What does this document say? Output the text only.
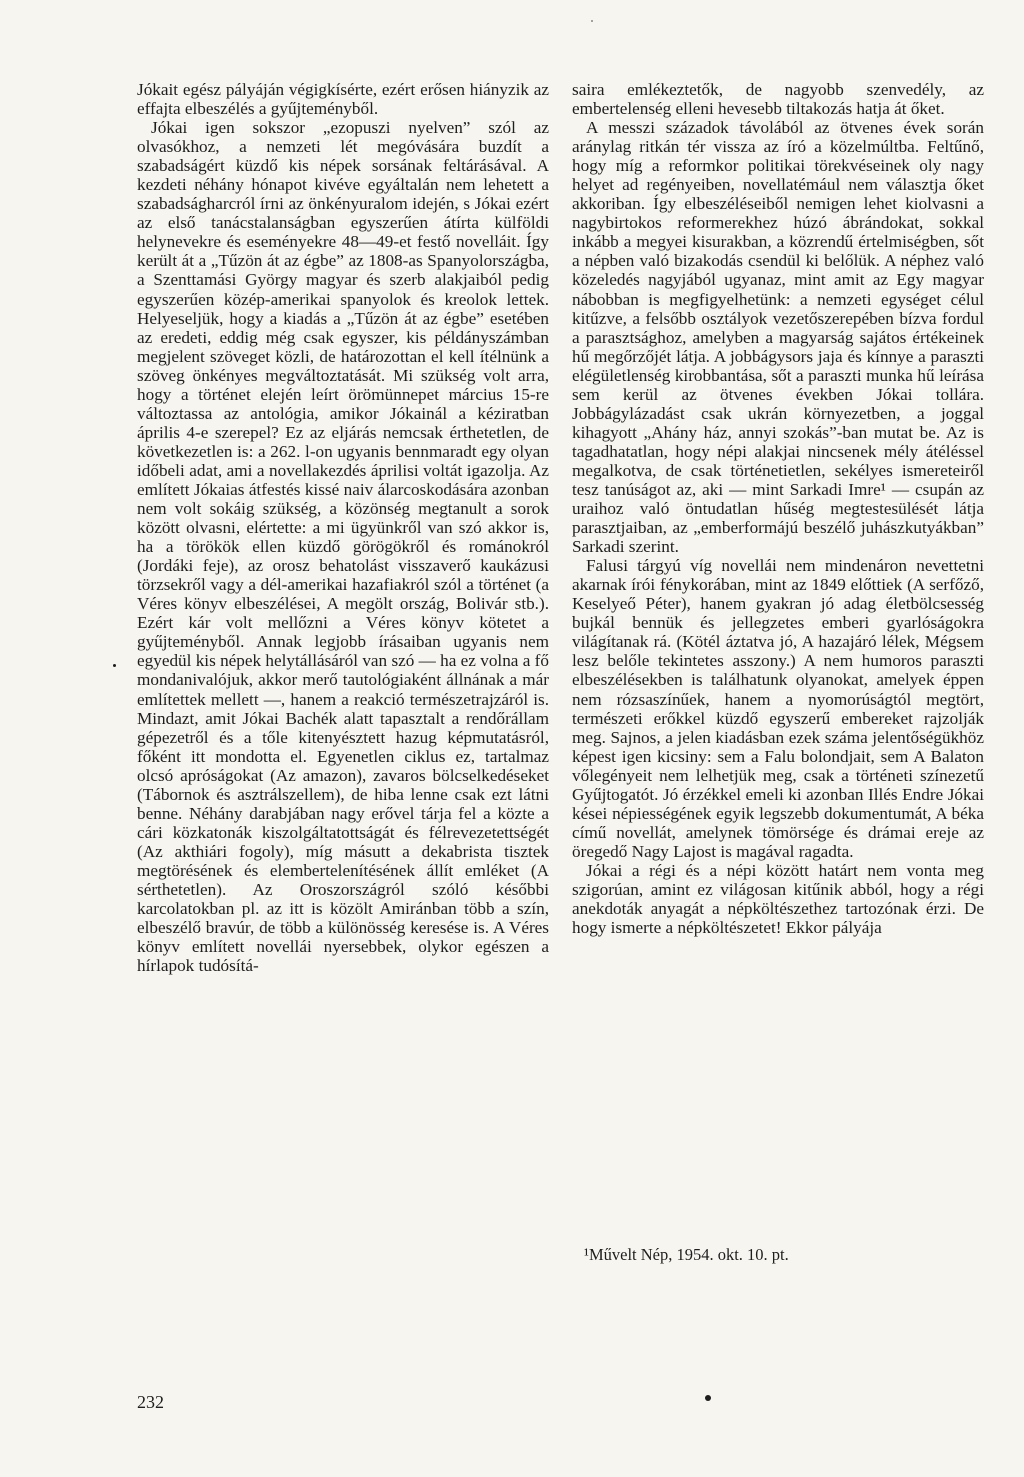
Jókait egész pályáján végigkísérte, ezért erősen hiányzik az effajta elbeszélés a gyűjteményből.

Jókai igen sokszor „ezopuszi nyelven” szól az olvasókhoz, a nemzeti lét megóvására buzdít a szabadságért küzdő kis népek sorsának feltárásával. A kezdeti néhány hónapot kivéve egyáltalán nem lehetett a szabadságharcról írni az önkényuralom idején, s Jókai ezért az első tanácstalanságban egyszerűen átírta külföldi helynevekre és eseményekre 48—49-et festő novelláit. Így került át a „Tűzön át az égbe” az 1808-as Spanyolországba, a Szenttamási György magyar és szerb alakjaiból pedig egyszerűen közép-amerikai spanyolok és kreolok lettek. Helyeseljük, hogy a kiadás a „Tűzön át az égbe” esetében az eredeti, eddig még csak egyszer, kis példányszámban megjelent szöveget közli, de határozottan el kell ítélnünk a szöveg önkényes megváltoztatását. Mi szükség volt arra, hogy a történet elején leírt örömünnepet március 15-re változtassa az antológia, amikor Jókainál a kéziratban április 4-e szerepel? Ez az eljárás nemcsak érthetetlen, de következetlen is: a 262. l-on ugyanis bennmaradt egy olyan időbeli adat, ami a novellakezdés áprilisi voltát igazolja. Az említett Jókaias átfestés kissé naiv álarcoskodására azonban nem volt sokáig szükség, a közönség megtanult a sorok között olvasni, elértette: a mi ügyünkről van szó akkor is, ha a törökök ellen küzdő görögökről és románokról (Jordáki feje), az orosz behatolást visszaverő kaukázusi törzsekről vagy a dél-amerikai hazafiakról szól a történet (a Véres könyv elbeszélései, A megölt ország, Bolivár stb.). Ezért kár volt mellőzni a Véres könyv kötetet a gyűjteményből. Annak legjobb írásaiban ugyanis nem egyedül kis népek helytállásáról van szó — ha ez volna a fő mondanivalójuk, akkor merő tautológiaként állnának a már említettek mellett —, hanem a reakció természetrajzáról is. Mindazt, amit Jókai Bachék alatt tapasztalt a rendőrállam gépezetről és a tőle kitenyésztett hazug képmutatásról, főként itt mondotta el. Egyenetlen ciklus ez, tartalmaz olcsó apróságokat (Az amazon), zavaros bölcselkedéseket (Tábornok és asztrálszellem), de hiba lenne csak ezt látni benne. Néhány darabjában nagy erővel tárja fel a közte a cári közkatonák kiszolgáltatottságát és félrevezetettségét (Az akthiári fogoly), míg másutt a dekabrista tisztek megtörésének és elembertelenítésének állít emléket (A sérthetetlen). Az Oroszországról szóló későbbi karcolatokban pl. az itt is közölt Amiránban több a szín, elbeszélő bravúr, de több a különösség keresése is. A Véres könyv említett novellái nyersebbek, olykor egészen a hírlapok tudósítá-

saira emlékeztetők, de nagyobb szenvedély, az embertelenség elleni hevesebb tiltakozás hatja át őket.

A messzi századok távolából az ötvenes évek során aránylag ritkán tér vissza az író a közelmúltba. Feltűnő, hogy míg a reformkor politikai törekvéseinek oly nagy helyet ad regényeiben, novellatémául nem választja őket akkoriban. Így elbeszéléseiből nemigen lehet kiolvasni a nagybirtokos reformerekhez húzó ábrándokat, sokkal inkább a megyei kisurakban, a közrendű értelmiségben, sőt a népben való bizakodás csendül ki belőlük. A néphez való közeledés nagyjából ugyanaz, mint amit az Egy magyar nábobban is megfigyelhetünk: a nemzeti egységet célul kitűzve, a felsőbb osztályok vezetőszerepében bízva fordul a parasztsághoz, amelyben a magyarság sajátos értékeinek hű megőrzőjét látja. A jobbágysors jaja és kínnye a paraszti elégületlenség kirobbantása, sőt a paraszti munka hű leírása sem kerül az ötvenes években Jókai tollára. Jobbágylázadást csak ukrán környezetben, a joggal kihagyott „Ahány ház, annyi szokás”-ban mutat be. Az is tagadhatatlan, hogy népi alakjai nincsenek mély átéléssel megalkotva, de csak történetietlen, sekélyes ismereteiről tesz tanúságot az, aki — mint Sarkadi Imre¹ — csupán az uraihoz való öntudatlan hűség megtestesülését látja parasztjaiban, az „emberformájú beszélő juhászkutyákban” Sarkadi szerint.

Falusi tárgyú víg novellái nem mindenáron nevettetni akarnak írói fénykorában, mint az 1849 előttiek (A serfőző, Keselyeő Péter), hanem gyakran jó adag életbölcsesség bujkál bennük és jellegzetes emberi gyarlóságokra világítanak rá. (Kötél áztatva jó, A hazajáró lélek, Mégsem lesz belőle tekintetes asszony.) A nem humoros paraszti elbeszélésekben is találhatunk olyanokat, amelyek éppen nem rózsaszínűek, hanem a nyomorúságtól megtört, természeti erőkkel küzdő egyszerű embereket rajzolják meg. Sajnos, a jelen kiadásban ezek száma jelentőségükhöz képest igen kicsiny: sem a Falu bolondjait, sem A Balaton vőlegényeit nem lelhetjük meg, csak a történeti színezetű Gyűjtogatót. Jó érzékkel emeli ki azonban Illés Endre Jókai kései népiességének egyik legszebb dokumentumát, A béka című novellát, amelynek tömörsége és drámai ereje az öregedő Nagy Lajost is magával ragadta.

Jókai a régi és a népi között határt nem vonta meg szigorúan, amint ez világosan kitűnik abból, hogy a régi anekdoták anyagát a népköltészethez tartozónak érzi. De hogy ismerte a népköltészetet! Ekkor pályája

¹Művelt Nép, 1954. okt. 10. pt.
232
